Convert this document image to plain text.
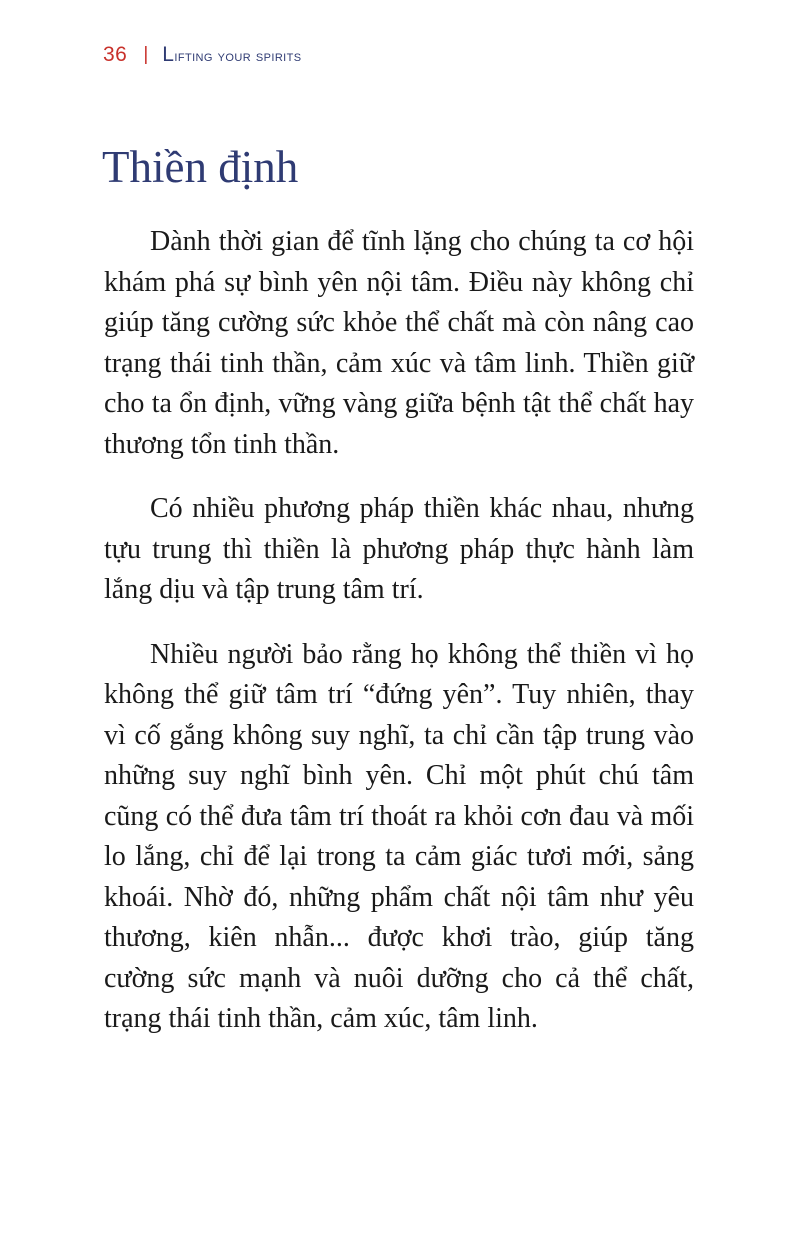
36 | Lifting your spirits
Thiền định

Dành thời gian để tĩnh lặng cho chúng ta cơ hội khám phá sự bình yên nội tâm. Điều này không chỉ giúp tăng cường sức khỏe thể chất mà còn nâng cao trạng thái tinh thần, cảm xúc và tâm linh. Thiền giữ cho ta ổn định, vững vàng giữa bệnh tật thể chất hay thương tổn tinh thần.

Có nhiều phương pháp thiền khác nhau, nhưng tựu trung thì thiền là phương pháp thực hành làm lắng dịu và tập trung tâm trí.

Nhiều người bảo rằng họ không thể thiền vì họ không thể giữ tâm trí “đứng yên”. Tuy nhiên, thay vì cố gắng không suy nghĩ, ta chỉ cần tập trung vào những suy nghĩ bình yên. Chỉ một phút chú tâm cũng có thể đưa tâm trí thoát ra khỏi cơn đau và mối lo lắng, chỉ để lại trong ta cảm giác tươi mới, sảng khoái. Nhờ đó, những phẩm chất nội tâm như yêu thương, kiên nhẫn... được khơi trào, giúp tăng cường sức mạnh và nuôi dưỡng cho cả thể chất, trạng thái tinh thần, cảm xúc, tâm linh.
